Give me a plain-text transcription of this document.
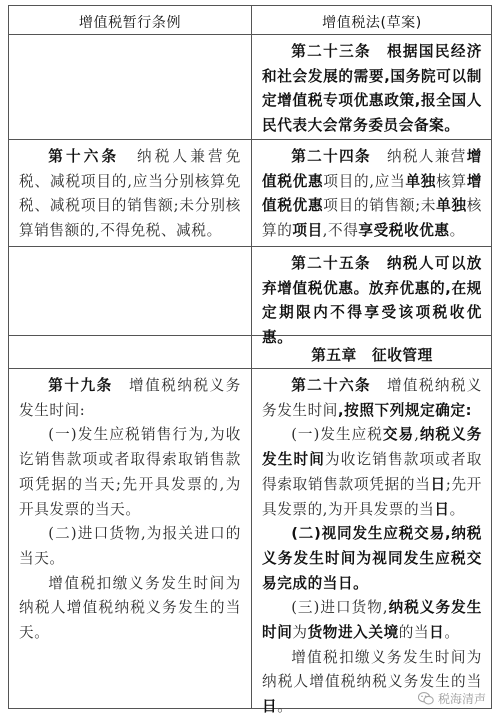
增值税暂行条例	增值税法(草案)

第二十三条　 根据国民经济和社会发展的需要,国务院可以制定增值税专项优惠政策,报全国人民代表大会常务委员会备案。

第十六条　 纳税人兼营免税、减税项目的,应当分别核算免税、减税项目的销售额;未分别核算销售额的,不得免税、减税。

第二十四条　 纳税人兼营增值税优惠项目的,应当单独核算增值税优惠项目的销售额;未单独核算的项目,不得享受税收优惠。

第二十五条　 纳税人可以放弃增值税优惠。放弃优惠的,在规定期限内不得享受该项税收优惠。

第五章　征收管理

第十九条　 增值税纳税义务发生时间:

(一)发生应税销售行为,为收讫销售款项或者取得索取销售款项凭据的当天;先开具发票的,为开具发票的当天。

(二)进口货物,为报关进口的当天。

增值税扣缴义务发生时间为纳税人增值税纳税义务发生的当天。

第二十六条　 增值税纳税义务发生时间,按照下列规定确定:

(一)发生应税交易,纳税义务发生时间为收讫销售款项或者取得索取销售款项凭据的当日;先开具发票的,为开具发票的当日。

(二)视同发生应税交易,纳税义务发生时间为视同发生应税交易完成的当日。

(三)进口货物,纳税义务发生时间为货物进入关境的当日。

增值税扣缴义务发生时间为纳税人增值税纳税义务发生的当日。	税海清声
